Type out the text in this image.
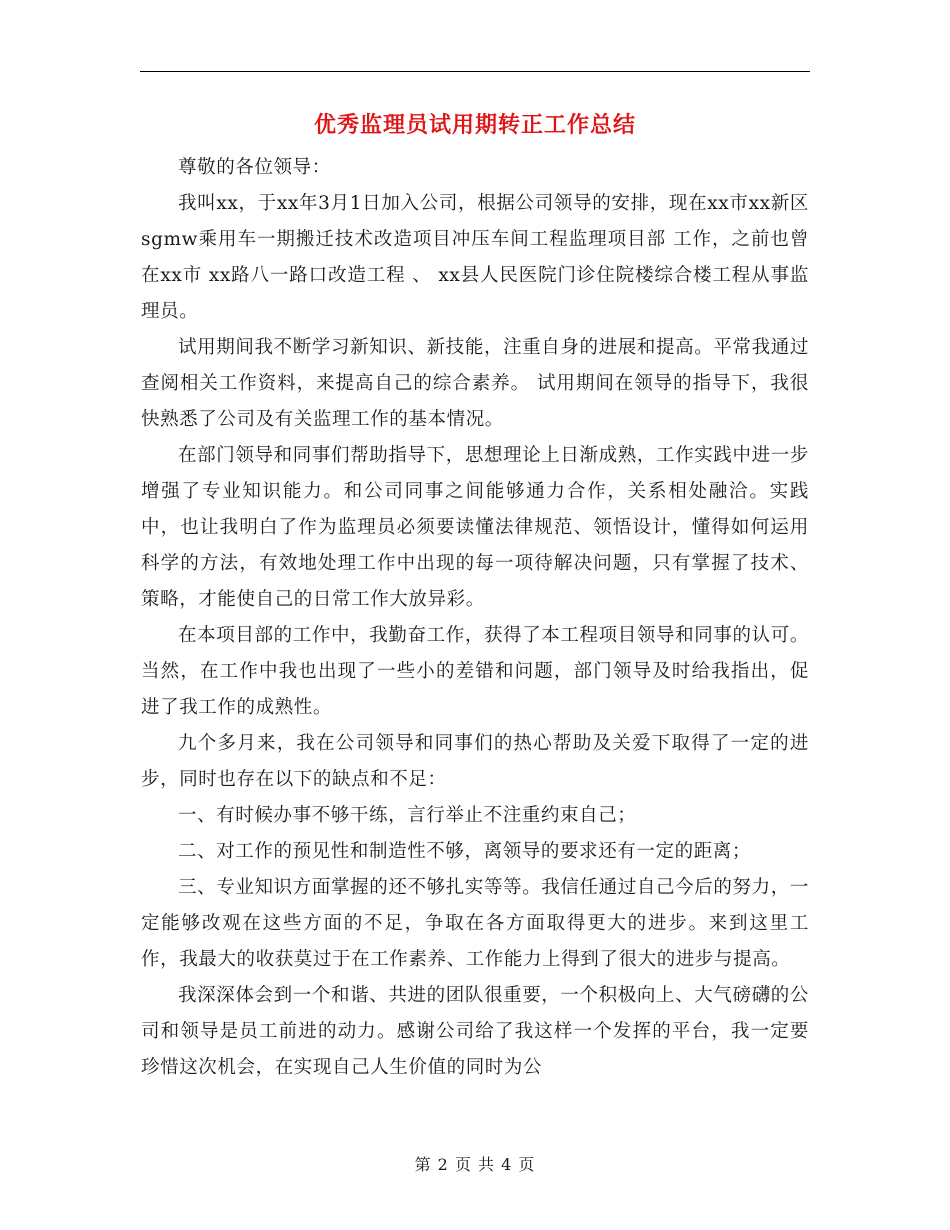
优秀监理员试用期转正工作总结

尊敬的各位领导：

我叫xx，于xx年3月1日加入公司，根据公司领导的安排，现在xx市xx新区sgmw乘用车一期搬迁技术改造项目冲压车间工程监理项目部 工作，之前也曾在xx市 xx路八一路口改造工程 、 xx县人民医院门诊住院楼综合楼工程从事监理员。

试用期间我不断学习新知识、新技能，注重自身的进展和提高。平常我通过查阅相关工作资料，来提高自己的综合素养。 试用期间在领导的指导下，我很快熟悉了公司及有关监理工作的基本情况。

在部门领导和同事们帮助指导下，思想理论上日渐成熟，工作实践中进一步增强了专业知识能力。和公司同事之间能够通力合作，关系相处融洽。实践中，也让我明白了作为监理员必须要读懂法律规范、领悟设计，懂得如何运用科学的方法，有效地处理工作中出现的每一项待解决问题，只有掌握了技术、策略，才能使自己的日常工作大放异彩。

在本项目部的工作中，我勤奋工作，获得了本工程项目领导和同事的认可。当然，在工作中我也出现了一些小的差错和问题，部门领导及时给我指出，促进了我工作的成熟性。

九个多月来，我在公司领导和同事们的热心帮助及关爱下取得了一定的进步，同时也存在以下的缺点和不足：

一、有时候办事不够干练，言行举止不注重约束自己；

二、对工作的预见性和制造性不够，离领导的要求还有一定的距离；

三、专业知识方面掌握的还不够扎实等等。我信任通过自己今后的努力，一定能够改观在这些方面的不足，争取在各方面取得更大的进步。来到这里工作，我最大的收获莫过于在工作素养、工作能力上得到了很大的进步与提高。

我深深体会到一个和谐、共进的团队很重要，一个积极向上、大气磅礴的公司和领导是员工前进的动力。感谢公司给了我这样一个发挥的平台，我一定要珍惜这次机会，在实现自己人生价值的同时为公

第 2 页 共 4 页
